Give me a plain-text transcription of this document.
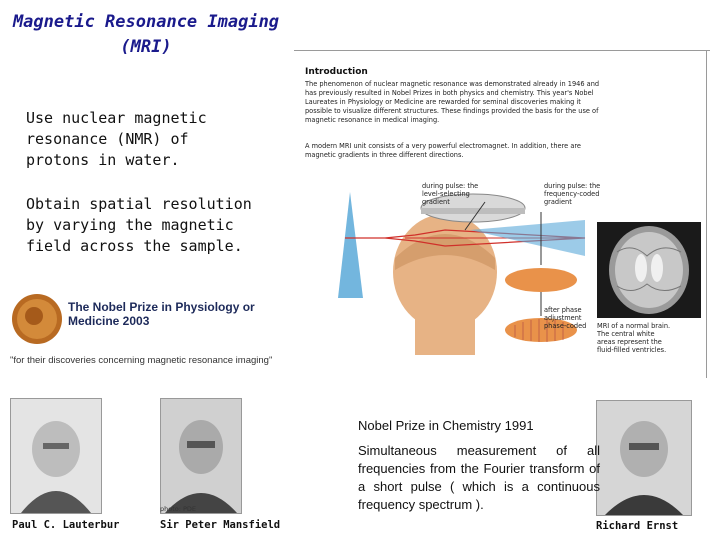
Magnetic Resonance Imaging
(MRI)
Use nuclear magnetic
resonance (NMR) of
protons in water.
Obtain spatial resolution
by varying the magnetic
field across the sample.
Introduction
The phenomenon of nuclear magnetic resonance was demonstrated already in 1946 and has previously resulted in Nobel Prizes in both physics and chemistry. This year's Nobel Laureates in Physiology or Medicine are rewarded for seminal discoveries making it possible to visualize different structures. These findings provided the basis for the use of magnetic resonance in medical imaging.
A modern MRI unit consists of a very powerful electromagnet. In addition, there are magnetic gradients in three different directions.
during pulse: the
level-selecting
gradient
during pulse: the
frequency-coded
gradient
after phase
adjustment
phase-coded MRI of a normal brain.
The central white
areas represent the
fluid-filled ventricles.
The Nobel Prize in Physiology or
Medicine 2003
"for their discoveries concerning magnetic resonance imaging"
photo: PDE
Paul C. Lauterbur	Sir Peter Mansfield	Richard Ernst
Nobel Prize in Chemistry 1991
Simultaneous measurement of all frequencies from the Fourier transform of a short pulse ( which is a continuous frequency spectrum ).
